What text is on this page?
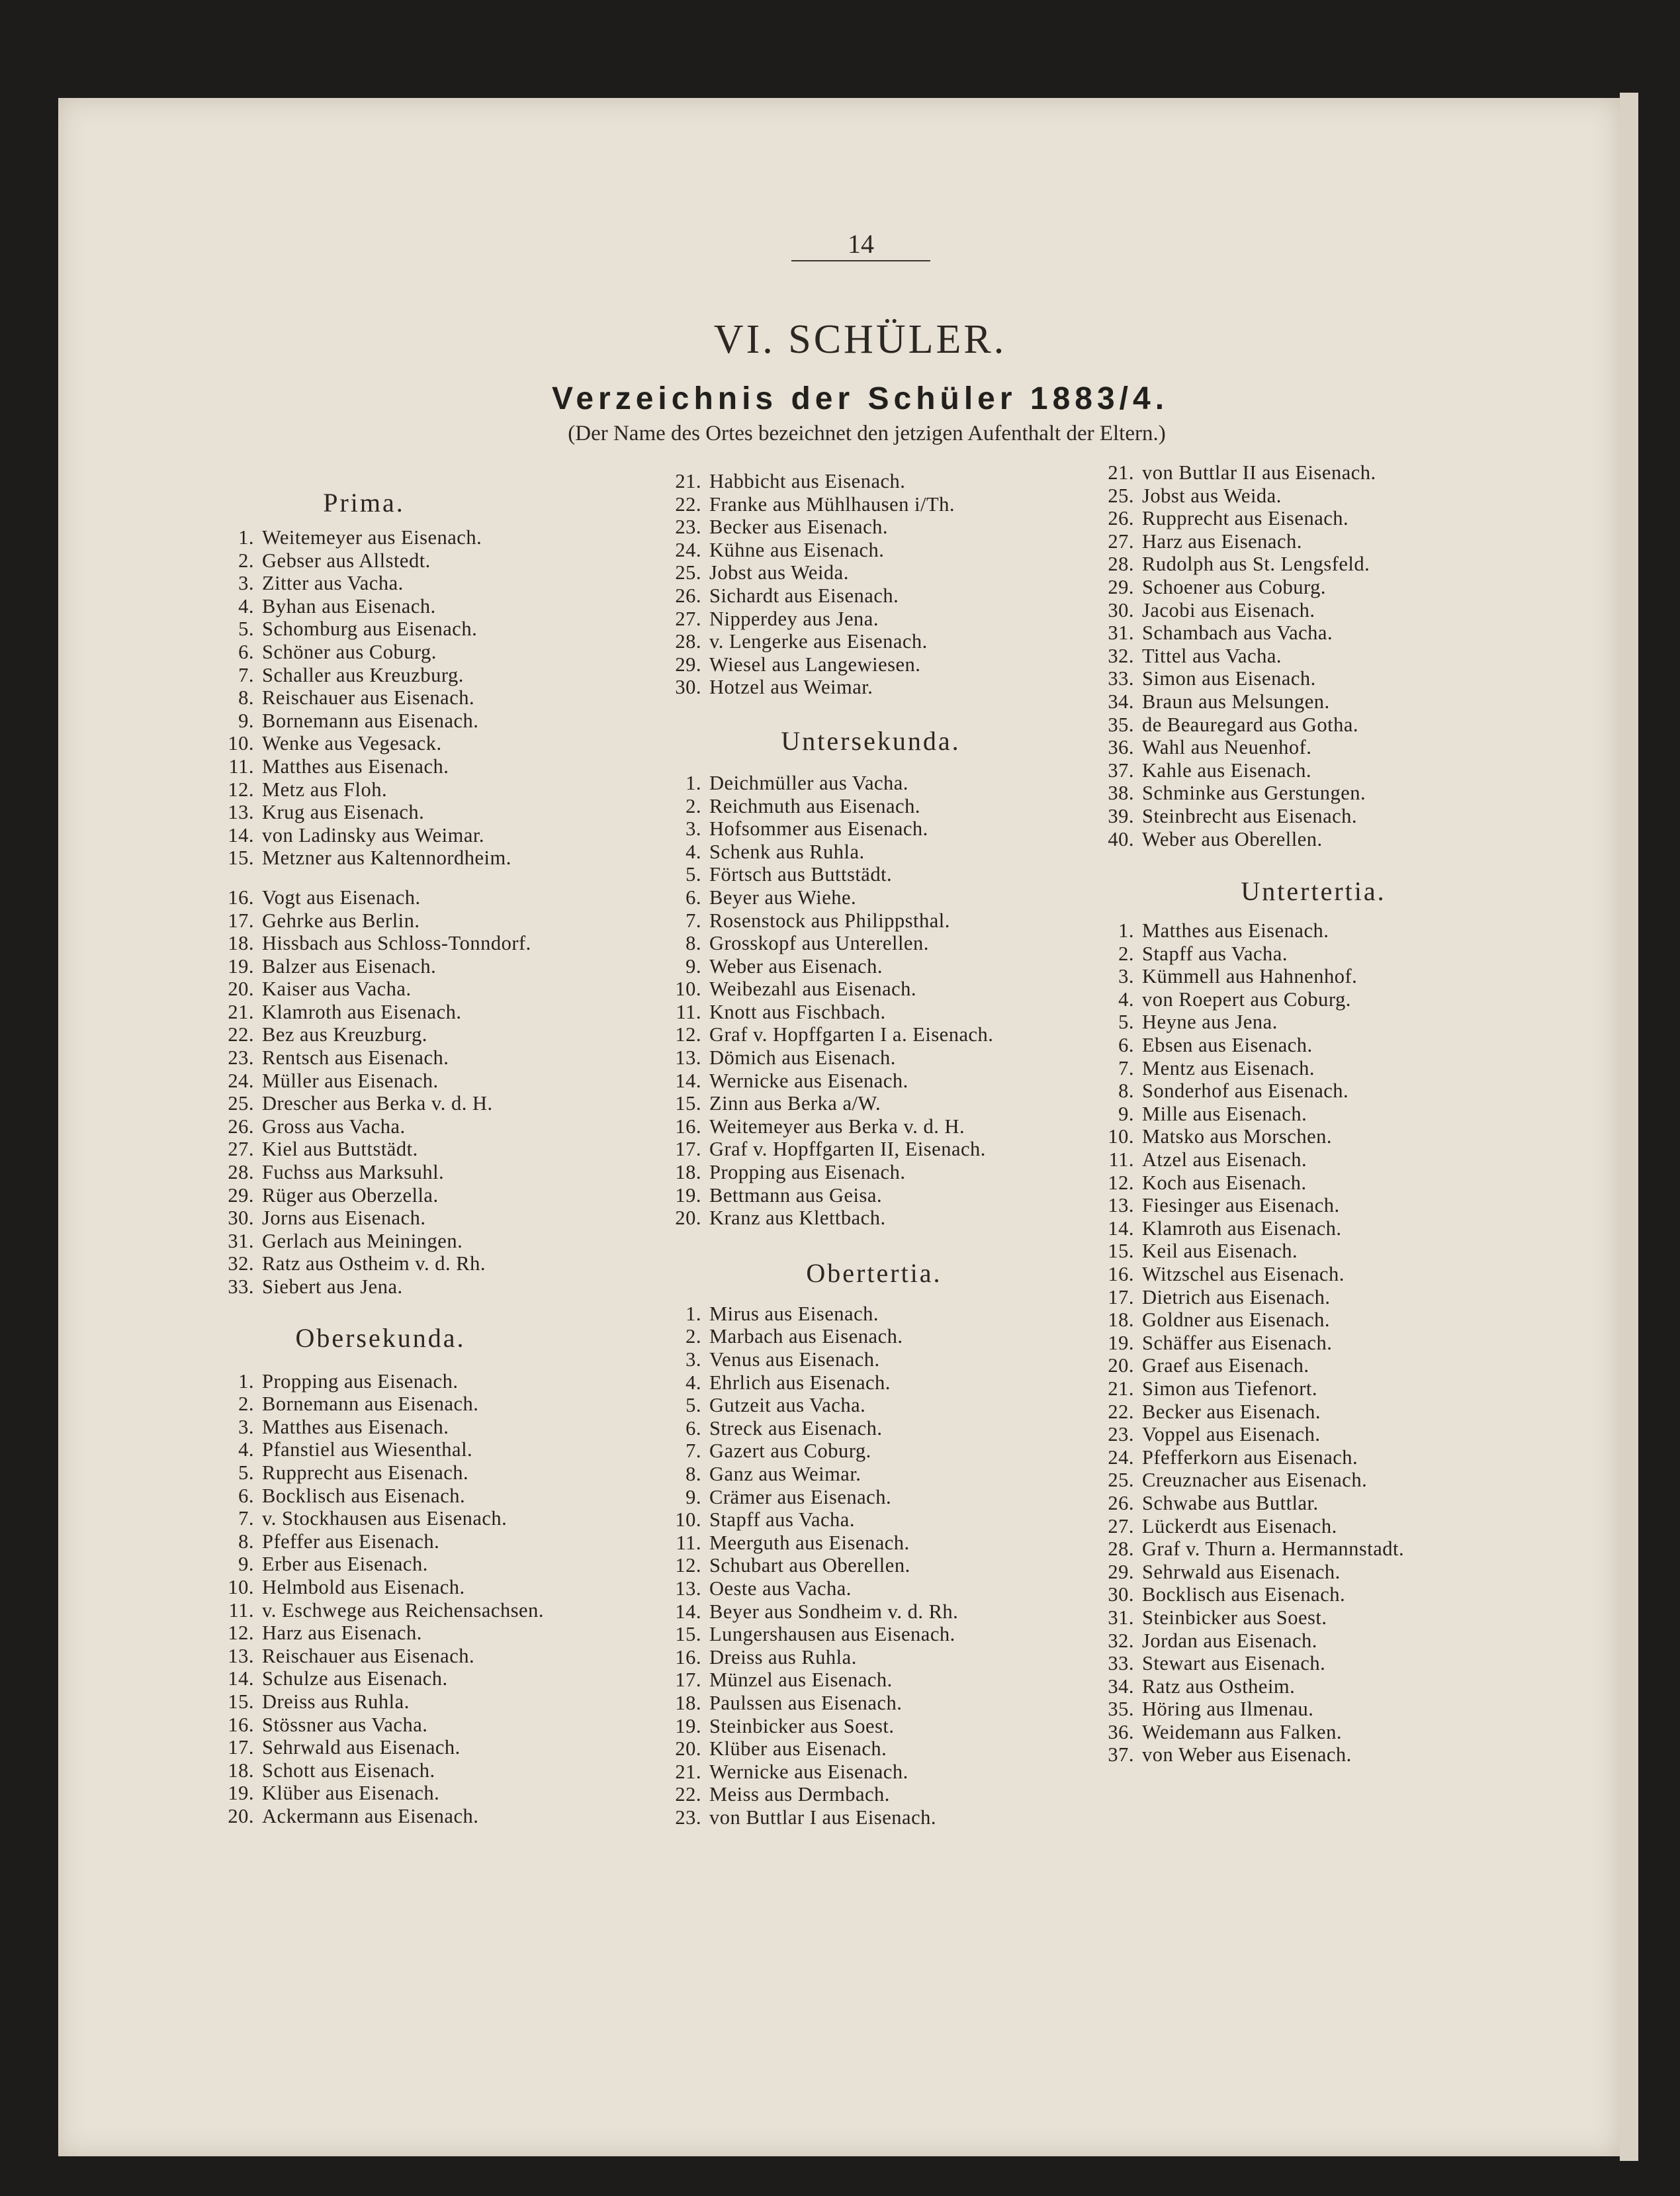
14
VI. SCHÜLER.
Verzeichnis der Schüler 1883/4.
(Der Name des Ortes bezeichnet den jetzigen Aufenthalt der Eltern.)
Prima.
1. Weitemeyer aus Eisenach.
2. Gebser aus Allstedt.
3. Zitter aus Vacha.
4. Byhan aus Eisenach.
5. Schomburg aus Eisenach.
6. Schöner aus Coburg.
7. Schaller aus Kreuzburg.
8. Reischauer aus Eisenach.
9. Bornemann aus Eisenach.
10. Wenke aus Vegesack.
11. Matthes aus Eisenach.
12. Metz aus Floh.
13. Krug aus Eisenach.
14. von Ladinsky aus Weimar.
15. Metzner aus Kaltennordheim.
16. Vogt aus Eisenach.
17. Gehrke aus Berlin.
18. Hissbach aus Schloss-Tonndorf.
19. Balzer aus Eisenach.
20. Kaiser aus Vacha.
21. Klamroth aus Eisenach.
22. Bez aus Kreuzburg.
23. Rentsch aus Eisenach.
24. Müller aus Eisenach.
25. Drescher aus Berka v. d. H.
26. Gross aus Vacha.
27. Kiel aus Buttstädt.
28. Fuchss aus Marksuhl.
29. Rüger aus Oberzella.
30. Jorns aus Eisenach.
31. Gerlach aus Meiningen.
32. Ratz aus Ostheim v. d. Rh.
33. Siebert aus Jena.
Obersekunda.
1. Propping aus Eisenach.
2. Bornemann aus Eisenach.
3. Matthes aus Eisenach.
4. Pfanstiel aus Wiesenthal.
5. Rupprecht aus Eisenach.
6. Bocklisch aus Eisenach.
7. v. Stockhausen aus Eisenach.
8. Pfeffer aus Eisenach.
9. Erber aus Eisenach.
10. Helmbold aus Eisenach.
11. v. Eschwege aus Reichensachsen.
12. Harz aus Eisenach.
13. Reischauer aus Eisenach.
14. Schulze aus Eisenach.
15. Dreiss aus Ruhla.
16. Stössner aus Vacha.
17. Sehrwald aus Eisenach.
18. Schott aus Eisenach.
19. Klüber aus Eisenach.
20. Ackermann aus Eisenach.
21. Habbicht aus Eisenach.
22. Franke aus Mühlhausen i/Th.
23. Becker aus Eisenach.
24. Kühne aus Eisenach.
25. Jobst aus Weida.
26. Sichardt aus Eisenach.
27. Nipperdey aus Jena.
28. v. Lengerke aus Eisenach.
29. Wiesel aus Langewiesen.
30. Hotzel aus Weimar.
Untersekunda.
1. Deichmüller aus Vacha.
2. Reichmuth aus Eisenach.
3. Hofsommer aus Eisenach.
4. Schenk aus Ruhla.
5. Förtsch aus Buttstädt.
6. Beyer aus Wiehe.
7. Rosenstock aus Philippsthal.
8. Grosskopf aus Unterellen.
9. Weber aus Eisenach.
10. Weibezahl aus Eisenach.
11. Knott aus Fischbach.
12. Graf v. Hopffgarten I a. Eisenach.
13. Dömich aus Eisenach.
14. Wernicke aus Eisenach.
15. Zinn aus Berka a/W.
16. Weitemeyer aus Berka v. d. H.
17. Graf v. Hopffgarten II, Eisenach.
18. Propping aus Eisenach.
19. Bettmann aus Geisa.
20. Kranz aus Klettbach.
Obertertia.
1. Mirus aus Eisenach.
2. Marbach aus Eisenach.
3. Venus aus Eisenach.
4. Ehrlich aus Eisenach.
5. Gutzeit aus Vacha.
6. Streck aus Eisenach.
7. Gazert aus Coburg.
8. Ganz aus Weimar.
9. Crämer aus Eisenach.
10. Stapff aus Vacha.
11. Meerguth aus Eisenach.
12. Schubart aus Oberellen.
13. Oeste aus Vacha.
14. Beyer aus Sondheim v. d. Rh.
15. Lungershausen aus Eisenach.
16. Dreiss aus Ruhla.
17. Münzel aus Eisenach.
18. Paulssen aus Eisenach.
19. Steinbicker aus Soest.
20. Klüber aus Eisenach.
21. Wernicke aus Eisenach.
22. Meiss aus Dermbach.
23. von Buttlar I aus Eisenach.
21. von Buttlar II aus Eisenach.
25. Jobst aus Weida.
26. Rupprecht aus Eisenach.
27. Harz aus Eisenach.
28. Rudolph aus St. Lengsfeld.
29. Schoener aus Coburg.
30. Jacobi aus Eisenach.
31. Schambach aus Vacha.
32. Tittel aus Vacha.
33. Simon aus Eisenach.
34. Braun aus Melsungen.
35. de Beauregard aus Gotha.
36. Wahl aus Neuenhof.
37. Kahle aus Eisenach.
38. Schminke aus Gerstungen.
39. Steinbrecht aus Eisenach.
40. Weber aus Oberellen.
Untertertia.
1. Matthes aus Eisenach.
2. Stapff aus Vacha.
3. Kümmell aus Hahnenhof.
4. von Roepert aus Coburg.
5. Heyne aus Jena.
6. Ebsen aus Eisenach.
7. Mentz aus Eisenach.
8. Sonderhof aus Eisenach.
9. Mille aus Eisenach.
10. Matsko aus Morschen.
11. Atzel aus Eisenach.
12. Koch aus Eisenach.
13. Fiesinger aus Eisenach.
14. Klamroth aus Eisenach.
15. Keil aus Eisenach.
16. Witzschel aus Eisenach.
17. Dietrich aus Eisenach.
18. Goldner aus Eisenach.
19. Schäffer aus Eisenach.
20. Graef aus Eisenach.
21. Simon aus Tiefenort.
22. Becker aus Eisenach.
23. Voppel aus Eisenach.
24. Pfefferkorn aus Eisenach.
25. Creuznacher aus Eisenach.
26. Schwabe aus Buttlar.
27. Lückerdt aus Eisenach.
28. Graf v. Thurn a. Hermannstadt.
29. Sehrwald aus Eisenach.
30. Bocklisch aus Eisenach.
31. Steinbicker aus Soest.
32. Jordan aus Eisenach.
33. Stewart aus Eisenach.
34. Ratz aus Ostheim.
35. Höring aus Ilmenau.
36. Weidemann aus Falken.
37. von Weber aus Eisenach.
